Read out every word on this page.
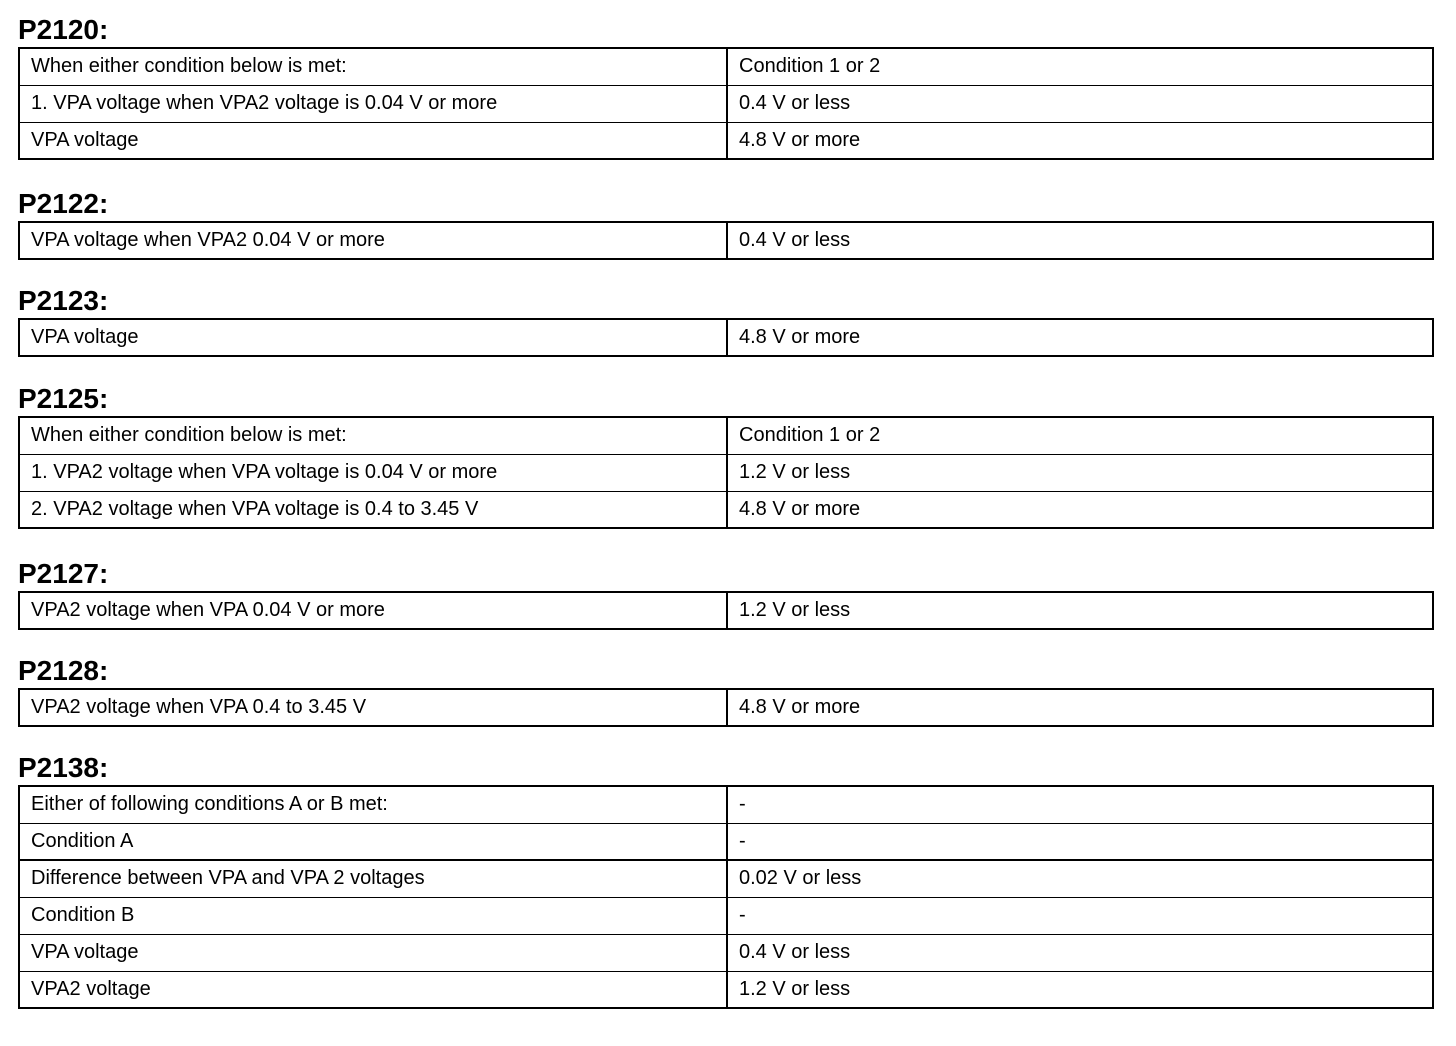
P2120:
When either condition below is met:	Condition 1 or 2
1. VPA voltage when VPA2 voltage is 0.04 V or more	0.4 V or less
VPA voltage	4.8 V or more
P2122:
VPA voltage when VPA2 0.04 V or more	0.4 V or less
P2123:
VPA voltage	4.8 V or more
P2125:
When either condition below is met:	Condition 1 or 2
1. VPA2 voltage when VPA voltage is 0.04 V or more	1.2 V or less
2. VPA2 voltage when VPA voltage is 0.4 to 3.45 V	4.8 V or more
P2127:
VPA2 voltage when VPA 0.04 V or more	1.2 V or less
P2128:
VPA2 voltage when VPA 0.4 to 3.45 V	4.8 V or more
P2138:
Either of following conditions A or B met:	-
Condition A	-
Difference between VPA and VPA 2 voltages	0.02 V or less
Condition B	-
VPA voltage	0.4 V or less
VPA2 voltage	1.2 V or less
